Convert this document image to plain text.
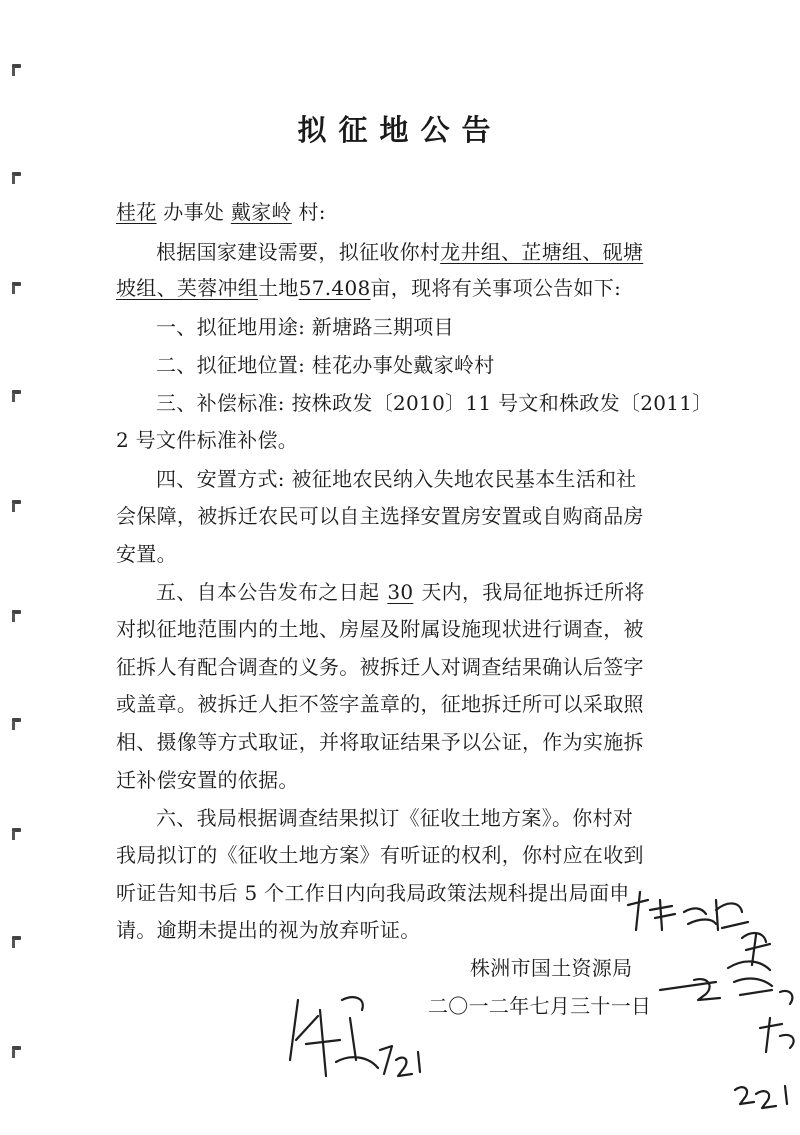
拟征地公告
桂花 办事处 戴家岭 村:
根据国家建设需要，拟征收你村龙井组、芷塘组、砚塘
坡组、芙蓉冲组土地57.408亩，现将有关事项公告如下:
一、拟征地用途: 新塘路三期项目
二、拟征地位置: 桂花办事处戴家岭村
三、补偿标准: 按株政发〔2010〕11 号文和株政发〔2011〕
2 号文件标准补偿。
四、安置方式: 被征地农民纳入失地农民基本生活和社
会保障，被拆迁农民可以自主选择安置房安置或自购商品房
安置。
五、自本公告发布之日起 30 天内，我局征地拆迁所将
对拟征地范围内的土地、房屋及附属设施现状进行调查，被
征拆人有配合调查的义务。被拆迁人对调查结果确认后签字
或盖章。被拆迁人拒不签字盖章的，征地拆迁所可以采取照
相、摄像等方式取证，并将取证结果予以公证，作为实施拆
迁补偿安置的依据。
六、我局根据调查结果拟订《征收土地方案》。你村对
我局拟订的《征收土地方案》有听证的权利，你村应在收到
听证告知书后 5 个工作日内向我局政策法规科提出局面申
请。逾期未提出的视为放弃听证。
株洲市国土资源局
二〇一二年七月三十一日
